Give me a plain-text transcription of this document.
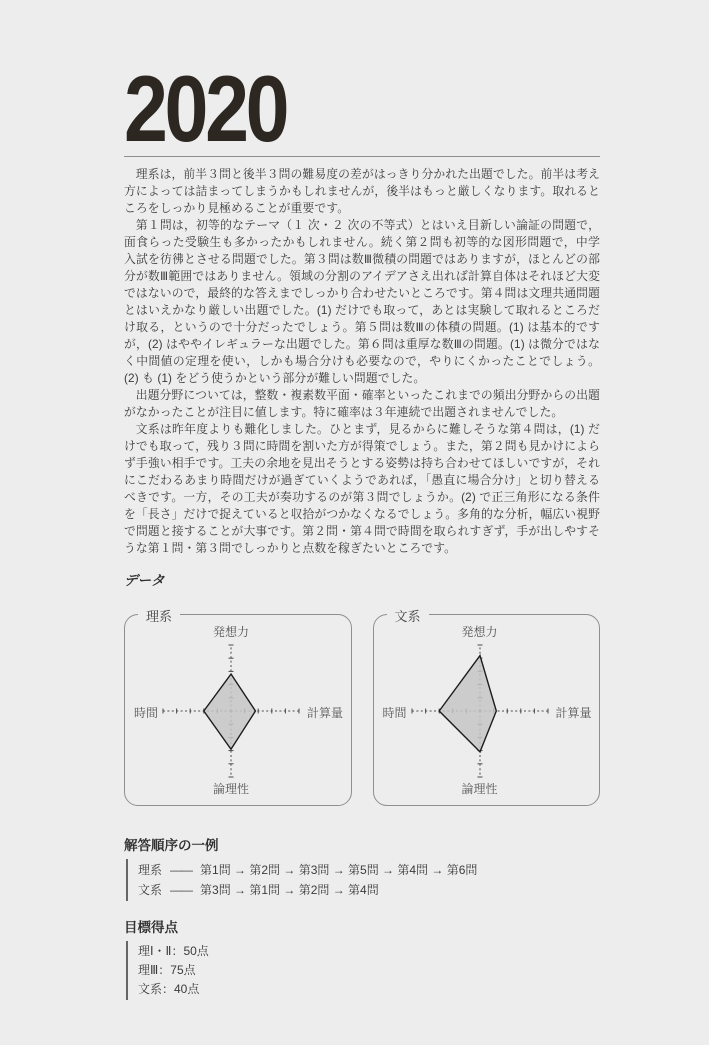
2020

理系は，前半３問と後半３問の難易度の差がはっきり分かれた出題でした。前半は考え方によっては詰まってしまうかもしれませんが，後半はもっと厳しくなります。取れるところをしっかり見極めることが重要です。

第１問は，初等的なテーマ（１ 次・２ 次の不等式）とはいえ目新しい論証の問題で，面食らった受験生も多かったかもしれません。続く第２問も初等的な図形問題で，中学入試を彷彿とさせる問題でした。第３問は数Ⅲ微積の問題ではありますが，ほとんどの部分が数Ⅲ範囲ではありません。領域の分割のアイデアさえ出れば計算自体はそれほど大変ではないので，最終的な答えまでしっかり合わせたいところです。第４問は文理共通問題とはいえかなり厳しい出題でした。(1) だけでも取って，あとは実験して取れるところだけ取る，というので十分だったでしょう。第５問は数Ⅲの体積の問題。(1) は基本的ですが，(2) はややイレギュラーな出題でした。第６問は重厚な数Ⅲの問題。(1) は微分ではなく中間値の定理を使い，しかも場合分けも必要なので，やりにくかったことでしょう。(2) も (1) をどう使うかという部分が難しい問題でした。

出題分野については，整数・複素数平面・確率といったこれまでの頻出分野からの出題がなかったことが注目に値します。特に確率は３年連続で出題されませんでした。

文系は昨年度よりも難化しました。ひとまず，見るからに難しそうな第４問は，(1) だけでも取って，残り３問に時間を割いた方が得策でしょう。また，第２問も見かけによらず手強い相手です。工夫の余地を見出そうとする姿勢は持ち合わせてほしいですが，それにこだわるあまり時間だけが過ぎていくようであれば，「愚直に場合分け」と切り替えるべきです。一方，その工夫が奏功するのが第３問でしょうか。(2) で正三角形になる条件を「長さ」だけで捉えていると収拾がつかなくなるでしょう。多角的な分析，幅広い視野で問題と接することが大事です。第２問・第４問で時間を取られすぎず，手が出しやすそうな第１問・第３問でしっかりと点数を稼ぎたいところです。

データ
理系
発想力
計算量
論理性
時間
文系
発想力
計算量
論理性
時間
解答順序の一例
理系 —— 第1問 → 第2問 → 第3問 → 第5問 → 第4問 → 第6問
文系 —— 第3問 → 第1問 → 第2問 → 第4問
目標得点
理Ⅰ・Ⅱ：50点
理Ⅲ：75点
文系：40点
